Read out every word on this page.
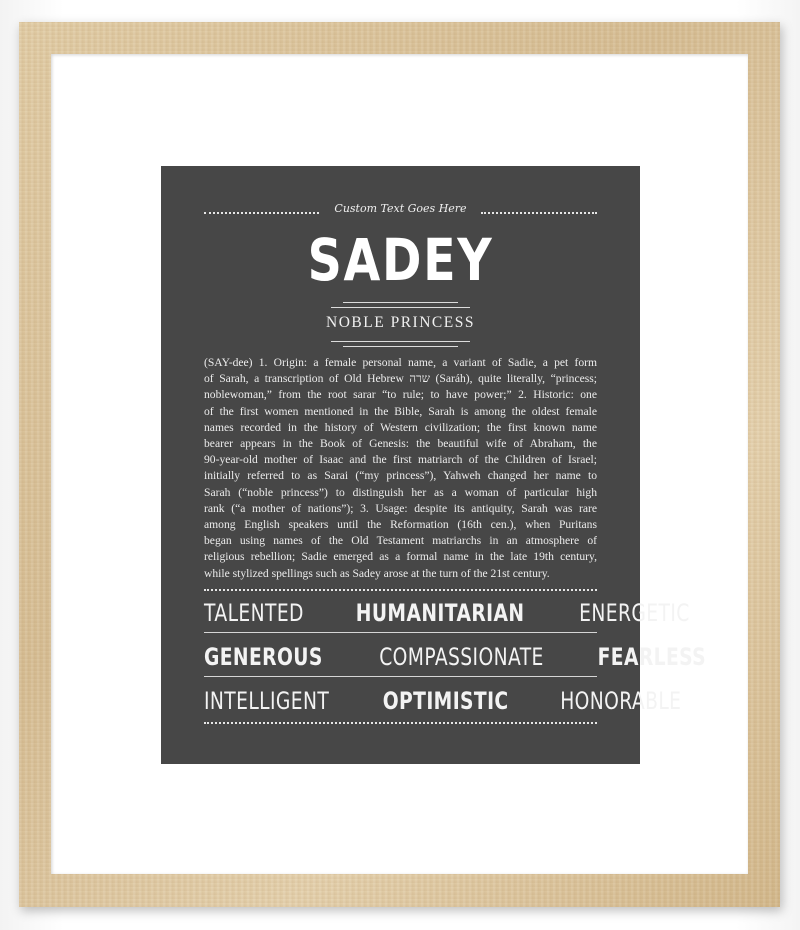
Custom Text Goes Here
SADEY
NOBLE PRINCESS
(SAY-dee) 1. Origin: a female personal name, a variant of Sadie, a pet form
of Sarah, a transcription of Old Hebrew שרה (Saráh), quite literally, “princess;
noblewoman,” from the root sarar “to rule; to have power;” 2. Historic: one
of the first women mentioned in the Bible, Sarah is among the oldest female
names recorded in the history of Western civilization; the first known name
bearer appears in the Book of Genesis: the beautiful wife of Abraham, the
90-year-old mother of Isaac and the first matriarch of the Children of Israel;
initially referred to as Sarai (“my princess”), Yahweh changed her name to
Sarah (“noble princess”) to distinguish her as a woman of particular high
rank (“a mother of nations”); 3. Usage: despite its antiquity, Sarah was rare
among English speakers until the Reformation (16th cen.), when Puritans
began using names of the Old Testament matriarchs in an atmosphere of
religious rebellion; Sadie emerged as a formal name in the late 19th century,
while stylized spellings such as Sadey arose at the turn of the 21st century.
TALENTED HUMANITARIAN ENERGETIC
GENEROUS COMPASSIONATE FEARLESS
INTELLIGENT OPTIMISTIC HONORABLE
